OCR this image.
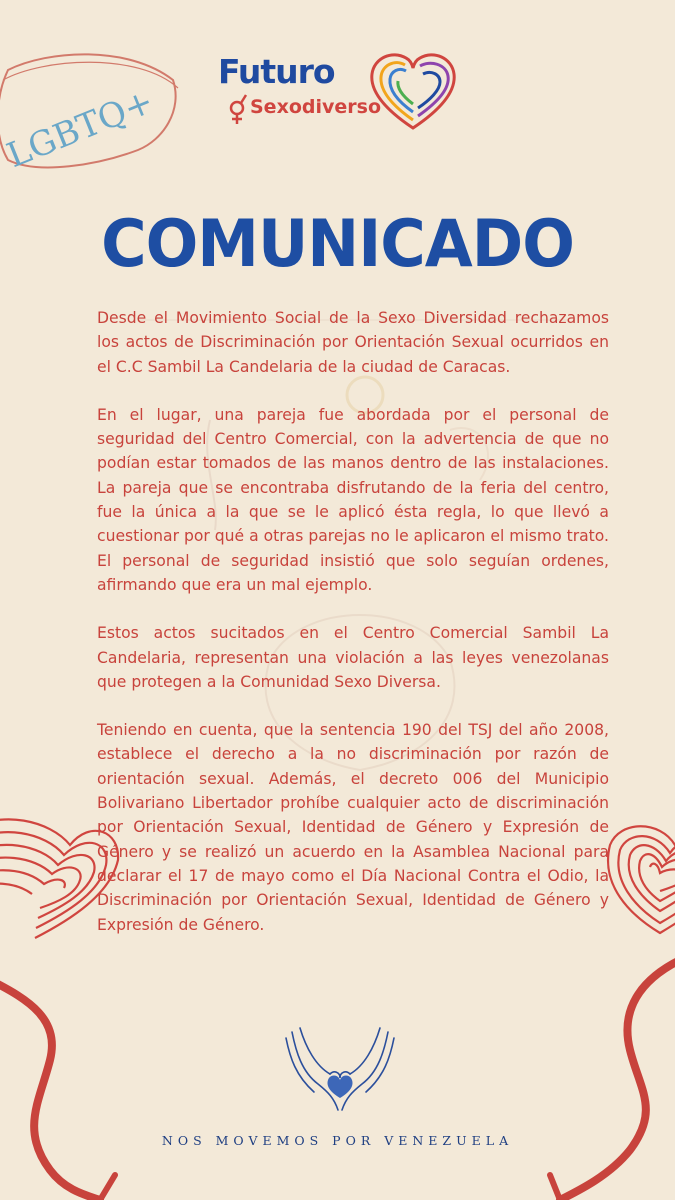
LGBTQ+
Futuro
Sexodiverso
COMUNICADO

Desde el Movimiento Social de la Sexo Diversidad rechazamos los actos de Discriminación por Orientación Sexual ocurridos en el C.C Sambil La Candelaria de la ciudad de Caracas.

En el lugar, una pareja fue abordada por el personal de seguridad del Centro Comercial, con la advertencia de que no podían estar tomados de las manos dentro de las instalaciones. La pareja que se encontraba disfrutando de la feria del centro, fue la única a la que se le aplicó ésta regla, lo que llevó a cuestionar por qué a otras parejas no le aplicaron el mismo trato. El personal de seguridad insistió que solo seguían ordenes, afirmando que era un mal ejemplo.

Estos actos sucitados en el Centro Comercial Sambil La Candelaria, representan una violación a las leyes venezolanas que protegen a la Comunidad Sexo Diversa.

Teniendo en cuenta, que la sentencia 190 del TSJ del año 2008, establece el derecho a la no discriminación por razón de orientación sexual. Además, el decreto 006 del Municipio Bolivariano Libertador prohíbe cualquier acto de discriminación por Orientación Sexual, Identidad de Género y Expresión de Género y se realizó un acuerdo en la Asamblea Nacional para declarar el 17 de mayo como el Día Nacional Contra el Odio, la Discriminación por Orientación Sexual, Identidad de Género y Expresión de Género.

NOS MOVEMOS POR VENEZUELA
